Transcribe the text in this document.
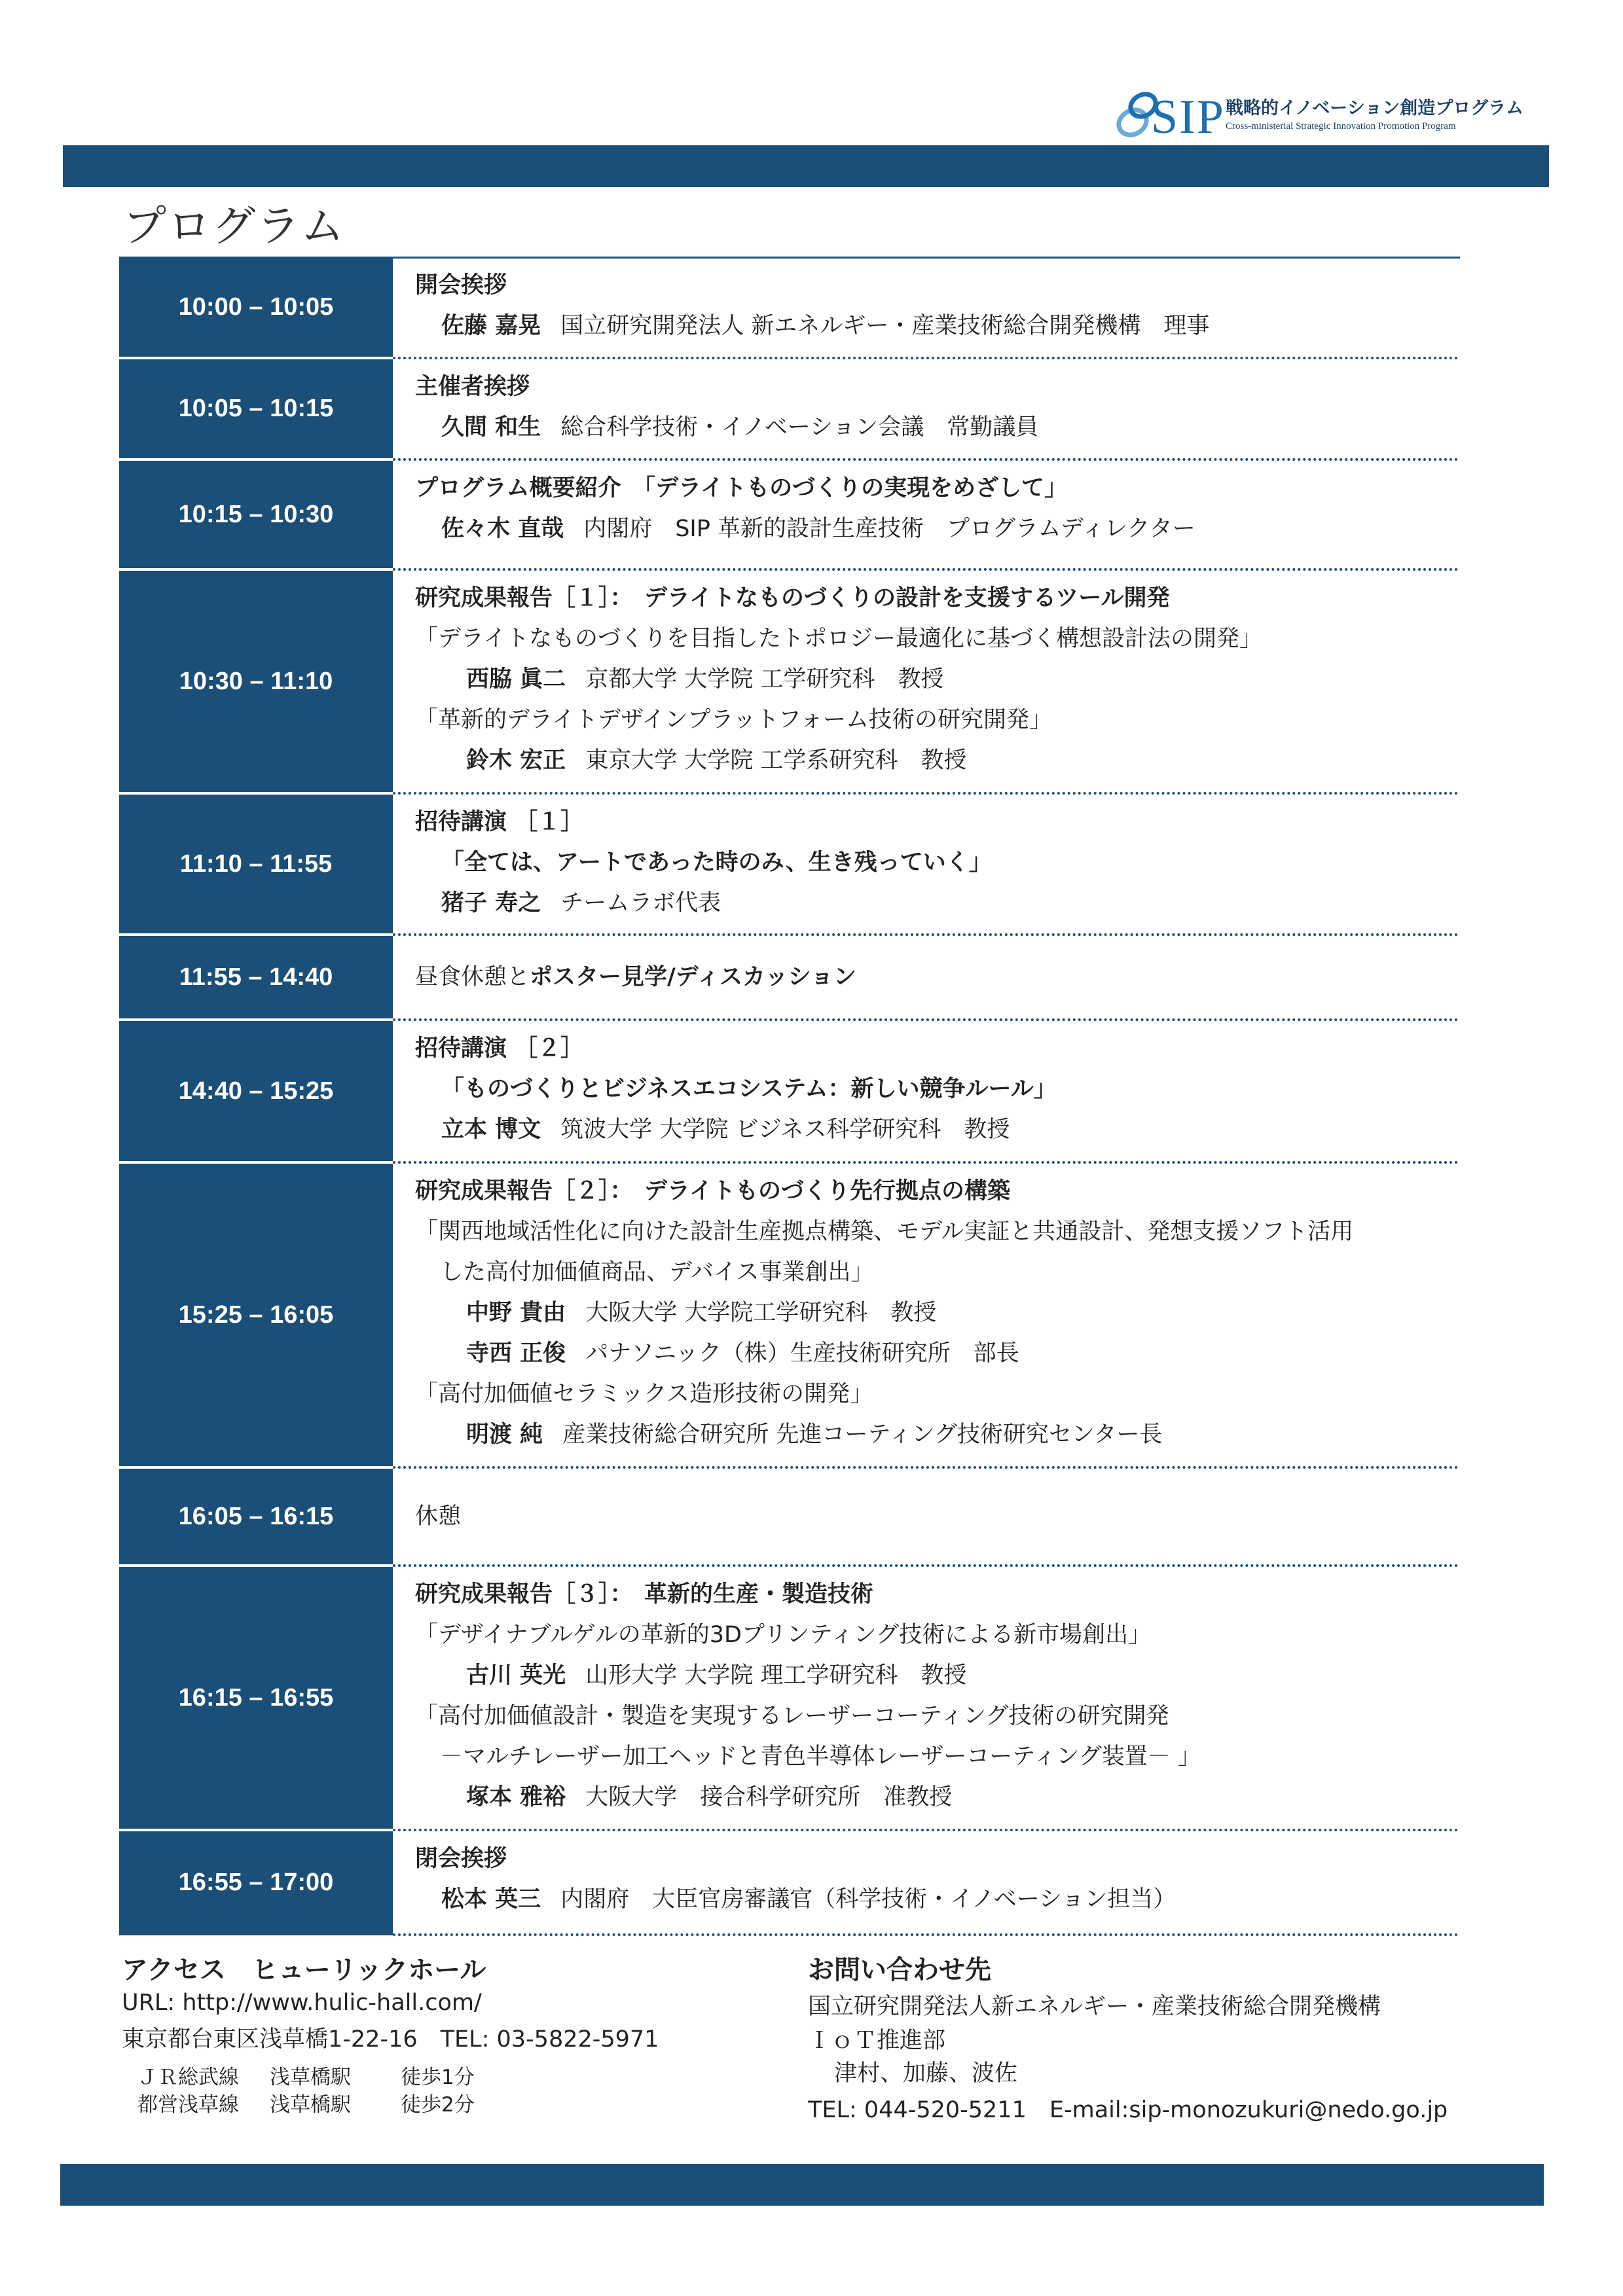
SIP 戦略的イノベーション創造プログラム
Cross-ministerial Strategic Innovation Promotion Program
プログラム
10:00 – 10:05
開会挨拶
佐藤 嘉晃 国立研究開発法人 新エネルギー・産業技術総合開発機構　理事
10:05 – 10:15
主催者挨拶
久間 和生 総合科学技術・イノベーション会議　常勤議員
10:15 – 10:30
プログラム概要紹介　「デライトものづくりの実現をめざして」
佐々木 直哉 内閣府　SIP 革新的設計生産技術　プログラムディレクター
10:30 – 11:10
研究成果報告［１］：　デライトなものづくりの設計を支援するツール開発
「デライトなものづくりを目指したトポロジー最適化に基づく構想設計法の開発」
西脇 眞二 京都大学 大学院 工学研究科　教授
「革新的デライトデザインプラットフォーム技術の研究開発」
鈴木 宏正 東京大学 大学院 工学系研究科　教授
11:10 – 11:55
招待講演 ［１］
「全ては、アートであった時のみ、生き残っていく」
猪子 寿之 チームラボ代表
11:55 – 14:40	昼食休憩とポスター見学/ディスカッション
14:40 – 15:25
招待講演 ［２］
「ものづくりとビジネスエコシステム：新しい競争ルール」
立本 博文 筑波大学 大学院 ビジネス科学研究科　教授
15:25 – 16:05
研究成果報告［２］：　デライトものづくり先行拠点の構築
「関西地域活性化に向けた設計生産拠点構築、モデル実証と共通設計、発想支援ソフト活用
した高付加価値商品、デバイス事業創出」
中野 貴由 大阪大学 大学院工学研究科　教授
寺西 正俊 パナソニック（株）生産技術研究所　部長
「高付加価値セラミックス造形技術の開発」
明渡 純 産業技術総合研究所 先進コーティング技術研究センター長
16:05 – 16:15	休憩
16:15 – 16:55
研究成果報告［３］：　革新的生産・製造技術
「デザイナブルゲルの革新的3Dプリンティング技術による新市場創出」
古川 英光 山形大学 大学院 理工学研究科　教授
「高付加価値設計・製造を実現するレーザーコーティング技術の研究開発
－マルチレーザー加工ヘッドと青色半導体レーザーコーティング装置－ 」
塚本 雅裕 大阪大学　接合科学研究所　准教授
16:55 – 17:00
閉会挨拶
松本 英三 内閣府　大臣官房審議官（科学技術・イノベーション担当）
アクセス　ヒューリックホール
URL: http://www.hulic-hall.com/
東京都台東区浅草橋1-22-16　TEL: 03-5822-5971
ＪＲ総武線 浅草橋駅 徒歩1分
都営浅草線 浅草橋駅 徒歩2分
お問い合わせ先
国立研究開発法人新エネルギー・産業技術総合開発機構
ＩｏＴ推進部
津村、加藤、波佐
TEL: 044-520-5211　E-mail:sip-monozukuri@nedo.go.jp
